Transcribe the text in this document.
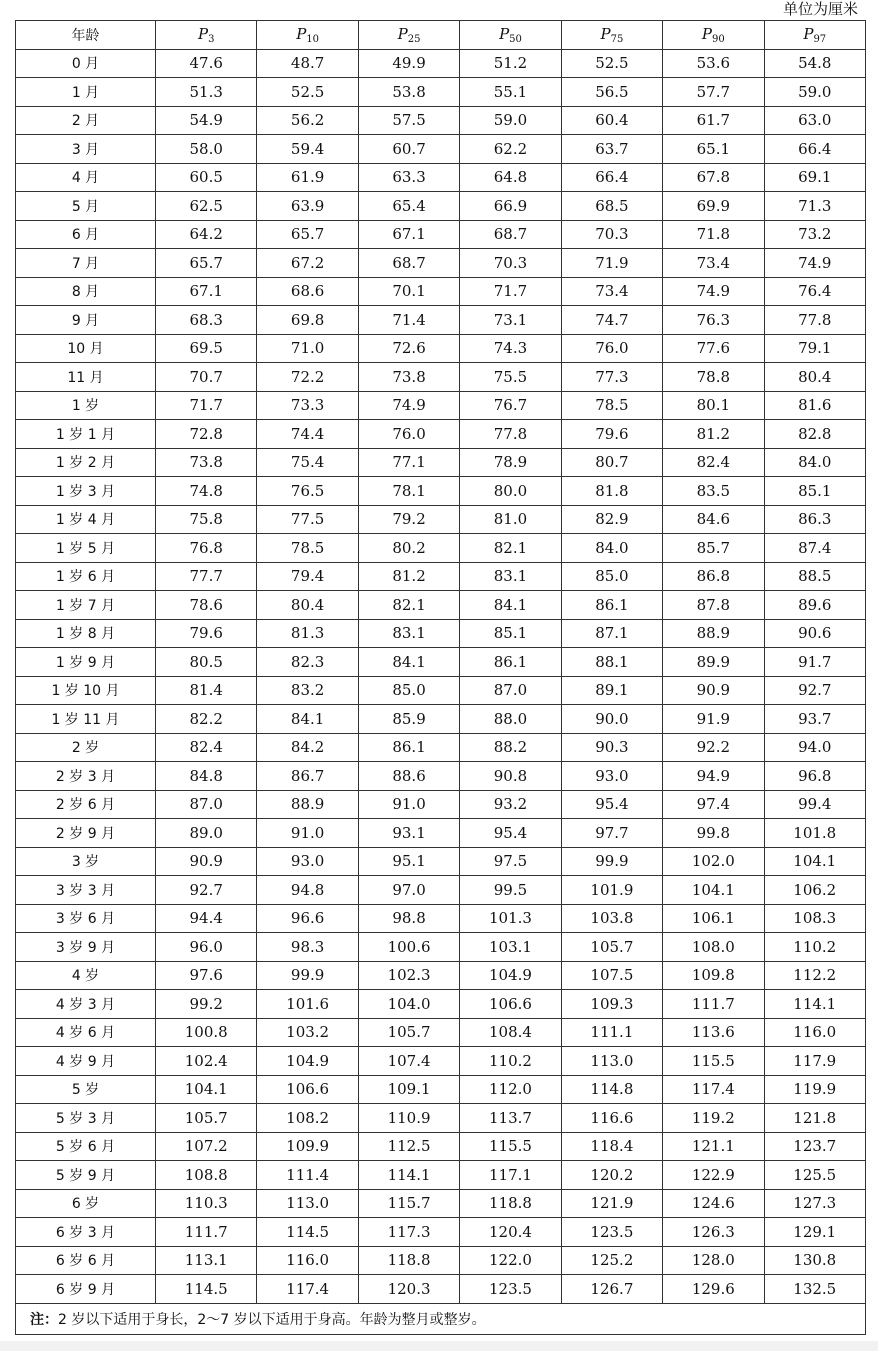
单位为厘米
年龄	$P_3$	$P_{10}$	$P_{25}$	$P_{50}$	$P_{75}$	$P_{90}$	$P_{97}$
0 月	47.6	48.7	49.9	51.2	52.5	53.6	54.8
1 月	51.3	52.5	53.8	55.1	56.5	57.7	59.0
2 月	54.9	56.2	57.5	59.0	60.4	61.7	63.0
3 月	58.0	59.4	60.7	62.2	63.7	65.1	66.4
4 月	60.5	61.9	63.3	64.8	66.4	67.8	69.1
5 月	62.5	63.9	65.4	66.9	68.5	69.9	71.3
6 月	64.2	65.7	67.1	68.7	70.3	71.8	73.2
7 月	65.7	67.2	68.7	70.3	71.9	73.4	74.9
8 月	67.1	68.6	70.1	71.7	73.4	74.9	76.4
9 月	68.3	69.8	71.4	73.1	74.7	76.3	77.8
10 月	69.5	71.0	72.6	74.3	76.0	77.6	79.1
11 月	70.7	72.2	73.8	75.5	77.3	78.8	80.4
1 岁	71.7	73.3	74.9	76.7	78.5	80.1	81.6
1 岁 1 月	72.8	74.4	76.0	77.8	79.6	81.2	82.8
1 岁 2 月	73.8	75.4	77.1	78.9	80.7	82.4	84.0
1 岁 3 月	74.8	76.5	78.1	80.0	81.8	83.5	85.1
1 岁 4 月	75.8	77.5	79.2	81.0	82.9	84.6	86.3
1 岁 5 月	76.8	78.5	80.2	82.1	84.0	85.7	87.4
1 岁 6 月	77.7	79.4	81.2	83.1	85.0	86.8	88.5
1 岁 7 月	78.6	80.4	82.1	84.1	86.1	87.8	89.6
1 岁 8 月	79.6	81.3	83.1	85.1	87.1	88.9	90.6
1 岁 9 月	80.5	82.3	84.1	86.1	88.1	89.9	91.7
1 岁 10 月	81.4	83.2	85.0	87.0	89.1	90.9	92.7
1 岁 11 月	82.2	84.1	85.9	88.0	90.0	91.9	93.7
2 岁	82.4	84.2	86.1	88.2	90.3	92.2	94.0
2 岁 3 月	84.8	86.7	88.6	90.8	93.0	94.9	96.8
2 岁 6 月	87.0	88.9	91.0	93.2	95.4	97.4	99.4
2 岁 9 月	89.0	91.0	93.1	95.4	97.7	99.8	101.8
3 岁	90.9	93.0	95.1	97.5	99.9	102.0	104.1
3 岁 3 月	92.7	94.8	97.0	99.5	101.9	104.1	106.2
3 岁 6 月	94.4	96.6	98.8	101.3	103.8	106.1	108.3
3 岁 9 月	96.0	98.3	100.6	103.1	105.7	108.0	110.2
4 岁	97.6	99.9	102.3	104.9	107.5	109.8	112.2
4 岁 3 月	99.2	101.6	104.0	106.6	109.3	111.7	114.1
4 岁 6 月	100.8	103.2	105.7	108.4	111.1	113.6	116.0
4 岁 9 月	102.4	104.9	107.4	110.2	113.0	115.5	117.9
5 岁	104.1	106.6	109.1	112.0	114.8	117.4	119.9
5 岁 3 月	105.7	108.2	110.9	113.7	116.6	119.2	121.8
5 岁 6 月	107.2	109.9	112.5	115.5	118.4	121.1	123.7
5 岁 9 月	108.8	111.4	114.1	117.1	120.2	122.9	125.5
6 岁	110.3	113.0	115.7	118.8	121.9	124.6	127.3
6 岁 3 月	111.7	114.5	117.3	120.4	123.5	126.3	129.1
6 岁 6 月	113.1	116.0	118.8	122.0	125.2	128.0	130.8
6 岁 9 月	114.5	117.4	120.3	123.5	126.7	129.6	132.5
注：2 岁以下适用于身长，2〜7 岁以下适用于身高。年龄为整月或整岁。							
